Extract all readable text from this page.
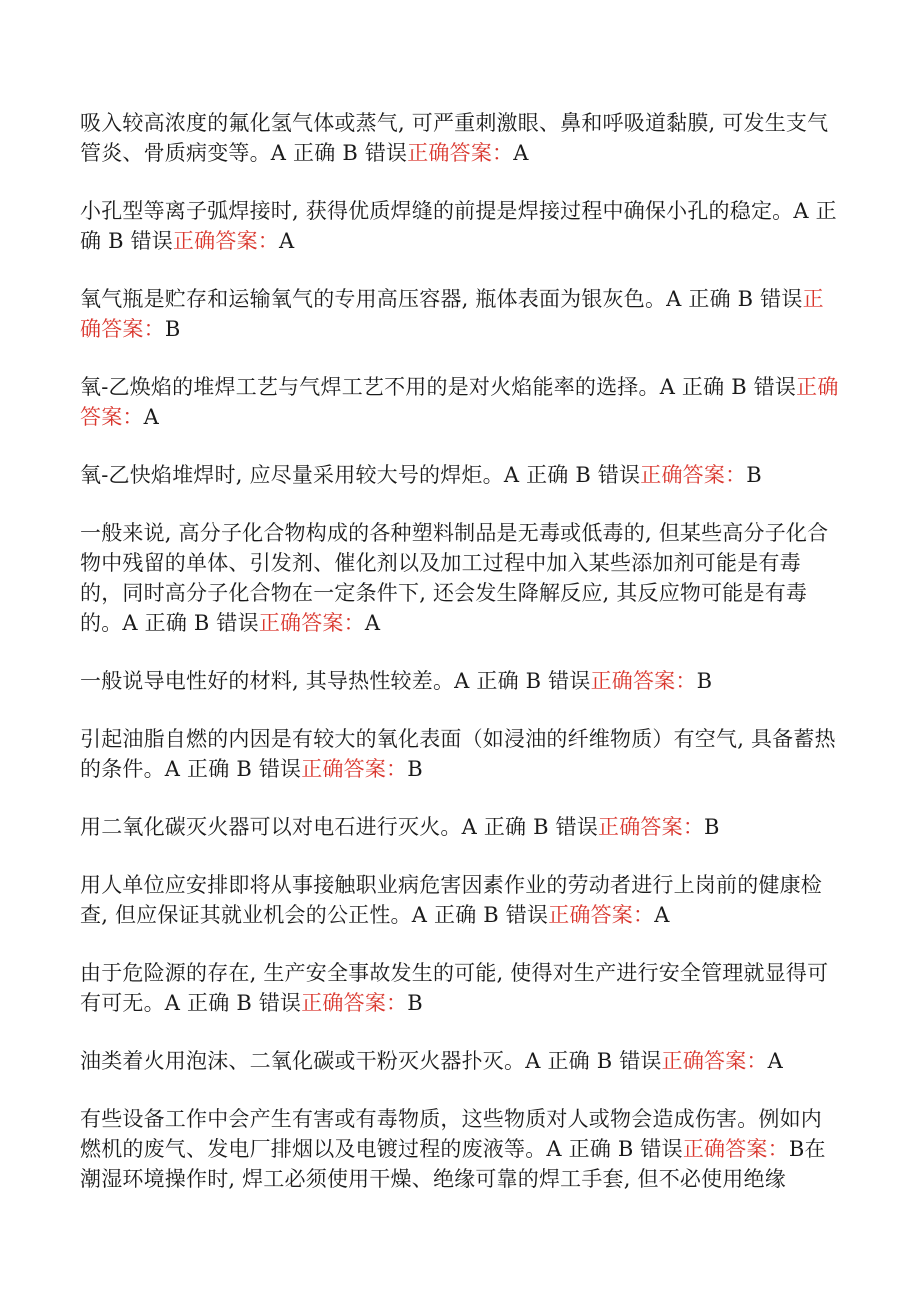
吸入较高浓度的氟化氢气体或蒸气, 可严重刺激眼、鼻和呼吸道黏膜, 可发生支气管炎、骨质病变等。A 正确 B 错误正确答案：A

小孔型等离子弧焊接时, 获得优质焊缝的前提是焊接过程中确保小孔的稳定。A 正确 B 错误正确答案：A

氧气瓶是贮存和运输氧气的专用高压容器, 瓶体表面为银灰色。A 正确 B 错误正确答案：B

氧-乙焕焰的堆焊工艺与气焊工艺不用的是对火焰能率的选择。A 正确 B 错误正确答案：A

氧-乙快焰堆焊时, 应尽量采用较大号的焊炬。A 正确 B 错误正确答案：B

一般来说, 高分子化合物构成的各种塑料制品是无毒或低毒的, 但某些高分子化合物中残留的单体、引发剂、催化剂以及加工过程中加入某些添加剂可能是有毒的，同时高分子化合物在一定条件下, 还会发生降解反应, 其反应物可能是有毒的。A 正确 B 错误正确答案：A

一般说导电性好的材料, 其导热性较差。A 正确 B 错误正确答案：B

引起油脂自燃的内因是有较大的氧化表面（如浸油的纤维物质）有空气, 具备蓄热的条件。A 正确 B 错误正确答案：B

用二氧化碳灭火器可以对电石进行灭火。A 正确 B 错误正确答案：B

用人单位应安排即将从事接触职业病危害因素作业的劳动者进行上岗前的健康检查, 但应保证其就业机会的公正性。A 正确 B 错误正确答案：A

由于危险源的存在, 生产安全事故发生的可能, 使得对生产进行安全管理就显得可有可无。A 正确 B 错误正确答案：B

油类着火用泡沫、二氧化碳或干粉灭火器扑灭。A 正确 B 错误正确答案：A

有些设备工作中会产生有害或有毒物质，这些物质对人或物会造成伤害。例如内燃机的废气、发电厂排烟以及电镀过程的废液等。A 正确 B 错误正确答案：B在潮湿环境操作时, 焊工必须使用干燥、绝缘可靠的焊工手套, 但不必使用绝缘
